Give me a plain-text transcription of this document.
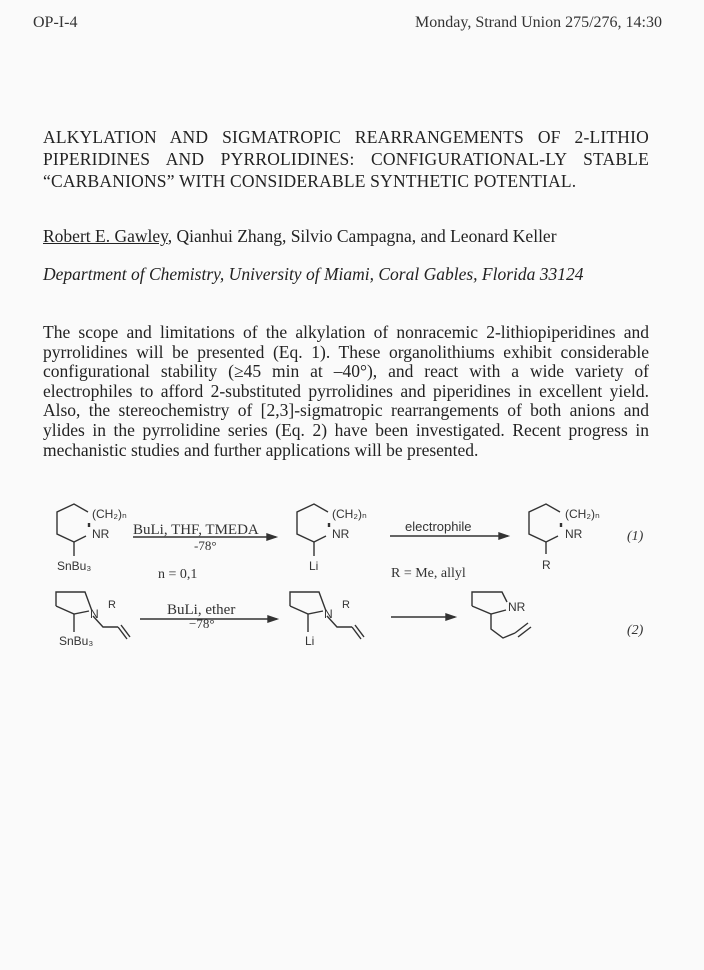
OP-I-4	Monday, Strand Union 275/276, 14:30
ALKYLATION AND SIGMATROPIC REARRANGEMENTS OF 2-LITHIO PIPERIDINES AND PYRROLIDINES: CONFIGURATIONAL-LY STABLE “CARBANIONS” WITH CONSIDERABLE SYNTHETIC POTENTIAL.
Robert E. Gawley, Qianhui Zhang, Silvio Campagna, and Leonard Keller
Department of Chemistry, University of Miami, Coral Gables, Florida 33124
The scope and limitations of the alkylation of nonracemic 2-lithiopiperidines and pyrrolidines will be presented (Eq. 1). These organolithiums exhibit considerable configurational stability (≥45 min at –40°), and react with a wide variety of electrophiles to afford 2-substituted pyrrolidines and piperidines in excellent yield. Also, the stereochemistry of [2,3]-sigmatropic rearrangements of both anions and ylides in the pyrrolidine series (Eq. 2) have been investigated. Recent progress in mechanistic studies and further applications will be presented.
(CH₂)ₙ
NR
SnBu₃
BuLi, THF, TMEDA
-78°
n = 0,1
(CH₂)ₙ
NR
Li
electrophile
R = Me, allyl
(CH₂)ₙ
NR
R
(1)
N
R
SnBu₃
BuLi, ether
−78°
N
R
Li
NR
(2)
